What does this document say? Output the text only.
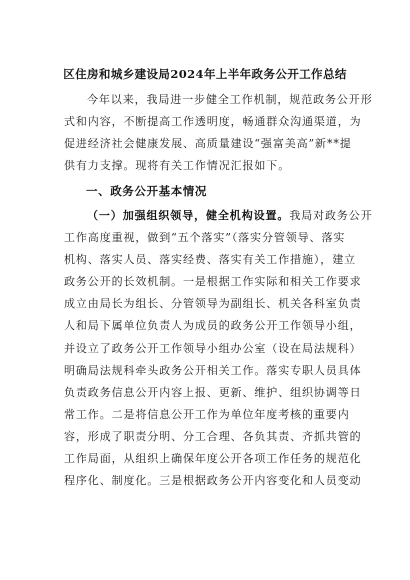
区住房和城乡建设局2024年上半年政务公开工作总结
今年以来，我局进一步健全工作机制，规范政务公开形
式和内容，不断提高工作透明度，畅通群众沟通渠道，为
促进经济社会健康发展、高质量建设“强富美高”新**提
供有力支撑。现将有关工作情况汇报如下。
一、政务公开基本情况
（一）加强组织领导，健全机构设置。我局对政务公开
工作高度重视，做到“五个落实”（落实分管领导、落实
机构、落实人员、落实经费、落实有关工作措施），建立
政务公开的长效机制。一是根据工作实际和相关工作要求
成立由局长为组长、分管领导为副组长、机关各科室负责
人和局下属单位负责人为成员的政务公开工作领导小组，
并设立了政务公开工作领导小组办公室（设在局法规科）
明确局法规科牵头政务公开相关工作。落实专职人员具体
负责政务信息公开内容上报、更新、维护、组织协调等日
常工作。二是将信息公开工作为单位年度考核的重要内
容，形成了职责分明、分工合理、各负其责、齐抓共管的
工作局面，从组织上确保年度公开各项工作任务的规范化
程序化、制度化。三是根据政务公开内容变化和人员变动
